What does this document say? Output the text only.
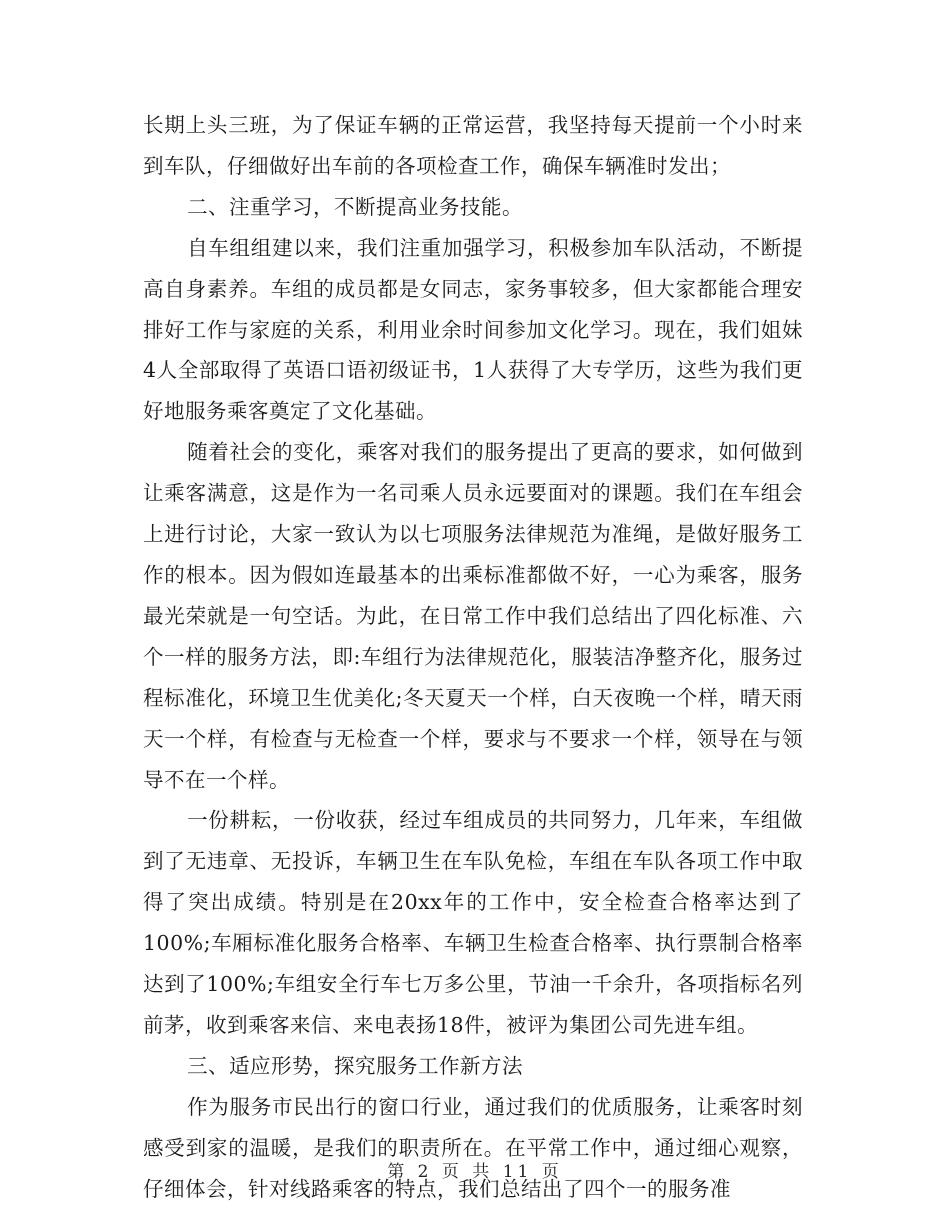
长期上头三班，为了保证车辆的正常运营，我坚持每天提前一个小时来到车队，仔细做好出车前的各项检查工作，确保车辆准时发出；

二、注重学习，不断提高业务技能。

自车组组建以来，我们注重加强学习，积极参加车队活动，不断提高自身素养。车组的成员都是女同志，家务事较多，但大家都能合理安排好工作与家庭的关系，利用业余时间参加文化学习。现在，我们姐妹4人全部取得了英语口语初级证书，1人获得了大专学历，这些为我们更好地服务乘客奠定了文化基础。

随着社会的变化，乘客对我们的服务提出了更高的要求，如何做到让乘客满意，这是作为一名司乘人员永远要面对的课题。我们在车组会上进行讨论，大家一致认为以七项服务法律规范为准绳，是做好服务工作的根本。因为假如连最基本的出乘标准都做不好，一心为乘客，服务最光荣就是一句空话。为此，在日常工作中我们总结出了四化标准、六个一样的服务方法，即:车组行为法律规范化，服装洁净整齐化，服务过程标准化，环境卫生优美化;冬天夏天一个样，白天夜晚一个样，晴天雨天一个样，有检查与无检查一个样，要求与不要求一个样，领导在与领导不在一个样。

一份耕耘，一份收获，经过车组成员的共同努力，几年来，车组做到了无违章、无投诉，车辆卫生在车队免检，车组在车队各项工作中取得了突出成绩。特别是在20xx年的工作中，安全检查合格率达到了100%;车厢标准化服务合格率、车辆卫生检查合格率、执行票制合格率达到了100%;车组安全行车七万多公里，节油一千余升，各项指标名列前茅，收到乘客来信、来电表扬18件，被评为集团公司先进车组。

三、适应形势，探究服务工作新方法

作为服务市民出行的窗口行业，通过我们的优质服务，让乘客时刻感受到家的温暖，是我们的职责所在。在平常工作中，通过细心观察，仔细体会，针对线路乘客的特点，我们总结出了四个一的服务准

第 2 页 共 11 页
